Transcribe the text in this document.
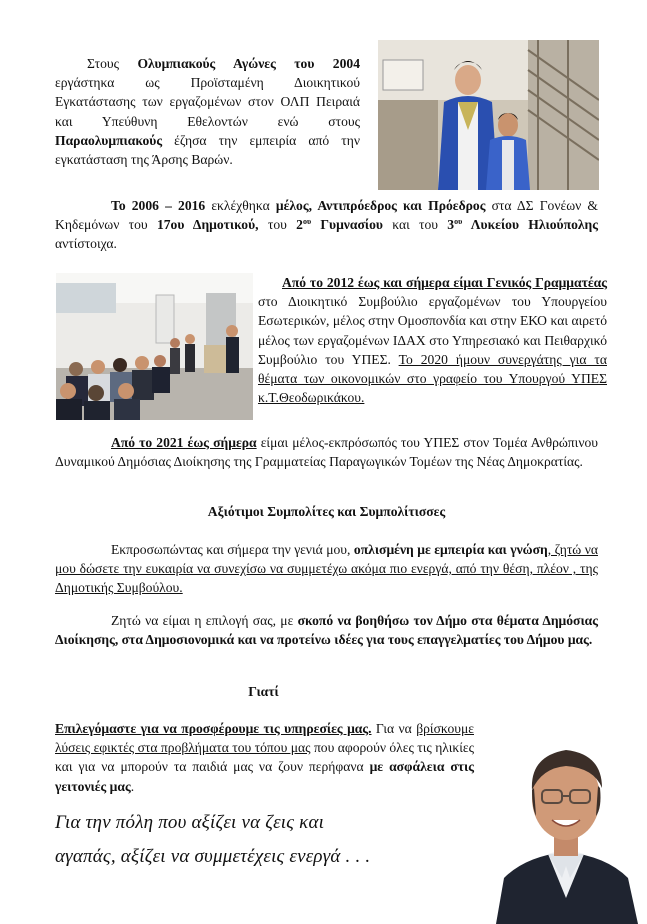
Στους Ολυμπιακούς Αγώνες του 2004 εργάστηκα ως Προϊσταμένη Διοικητικού Εγκατάστασης των εργαζομένων στον ΟΛΠ Πειραιά και Υπεύθυνη Εθελοντών ενώ στους Παραολυμπιακούς έζησα την εμπειρία από την εγκατάσταση της Άρσης Βαρών.
Το 2006 – 2016 εκλέχθηκα μέλος, Αντιπρόεδρος και Πρόεδρος στα ΔΣ Γονέων & Κηδεμόνων του 17ου Δημοτικού, του $2^{o\upsilon}$ Γυμνασίου και του $3^{o\upsilon}$ Λυκείου Ηλιούπολης αντίστοιχα.
Από το 2012 έως και σήμερα είμαι Γενικός Γραμματέας στο Διοικητικό Συμβούλιο εργαζομένων του Υπουργείου Εσωτερικών, μέλος στην Ομοσπονδία και στην ΕΚΟ και αιρετό μέλος των εργαζομένων ΙΔΑΧ στο Υπηρεσιακό και Πειθαρχικό Συμβούλιο του ΥΠΕΣ. Το 2020 ήμουν συνεργάτης για τα θέματα των οικονομικών στο γραφείο του Υπουργού ΥΠΕΣ κ.Τ.Θεοδωρικάκου.
Από το 2021 έως σήμερα είμαι μέλος-εκπρόσωπός του ΥΠΕΣ στον Τομέα Ανθρώπινου Δυναμικού Δημόσιας Διοίκησης της Γραμματείας Παραγωγικών Τομέων της Νέας Δημοκρατίας.
Αξιότιμοι Συμπολίτες και Συμπολίτισσες
Εκπροσωπώντας και σήμερα την γενιά μου, οπλισμένη με εμπειρία και γνώση, ζητώ να μου δώσετε την ευκαιρία να συνεχίσω να συμμετέχω ακόμα πιο ενεργά, από την θέση, πλέον , της Δημοτικής Συμβούλου.
Ζητώ να είμαι η επιλογή σας, με σκοπό να βοηθήσω τον Δήμο στα θέματα Δημόσιας Διοίκησης, στα Δημοσιονομικά και να προτείνω ιδέες για τους επαγγελματίες του Δήμου μας.
Γιατί
Επιλεγόμαστε για να προσφέρουμε τις υπηρεσίες μας. Για να βρίσκουμε λύσεις εφικτές στα προβλήματα του τόπου μας που αφορούν όλες τις ηλικίες και για να μπορούν τα παιδιά μας να ζουν περήφανα με ασφάλεια στις γειτονιές μας.
Για την πόλη που αξίζει να ζεις και
αγαπάς, αξίζει να συμμετέχεις ενεργά . . .
